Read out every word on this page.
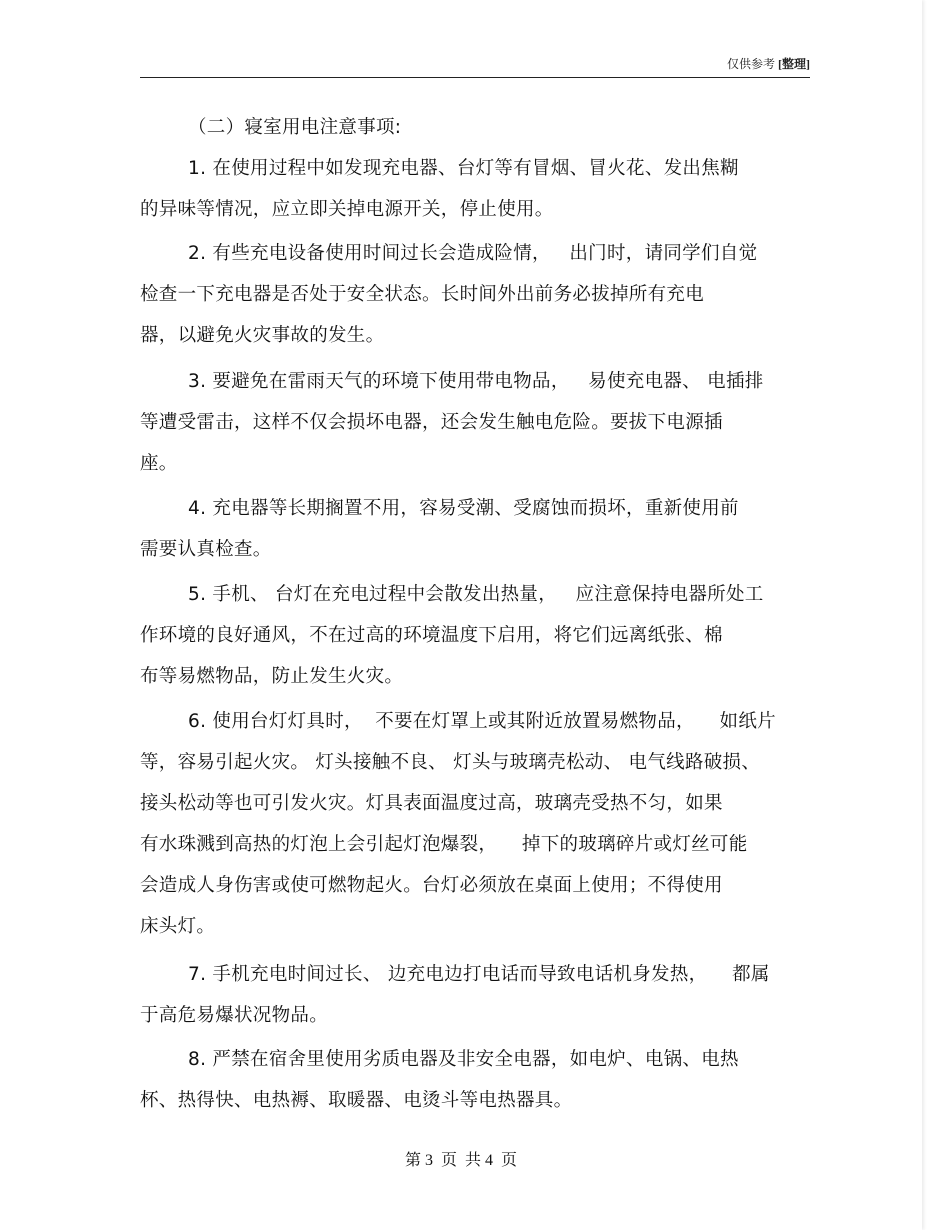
仅供参考 [整理]
（二）寝室用电注意事项:
1. 在使用过程中如发现充电器、台灯等有冒烟、冒火花、发出焦糊
的异味等情况，应立即关掉电源开关，停止使用。
2. 有些充电设备使用时间过长会造成险情，   出门时，请同学们自觉
检查一下充电器是否处于安全状态。长时间外出前务必拔掉所有充电
器，以避免火灾事故的发生。
3. 要避免在雷雨天气的环境下使用带电物品，   易使充电器、 电插排
等遭受雷击，这样不仅会损坏电器，还会发生触电危险。要拔下电源插
座。
4. 充电器等长期搁置不用，容易受潮、受腐蚀而损坏，重新使用前
需要认真检查。
5. 手机、 台灯在充电过程中会散发出热量，   应注意保持电器所处工
作环境的良好通风，不在过高的环境温度下启用，将它们远离纸张、棉
布等易燃物品，防止发生火灾。
6. 使用台灯灯具时，  不要在灯罩上或其附近放置易燃物品，    如纸片
等，容易引起火灾。 灯头接触不良、 灯头与玻璃壳松动、 电气线路破损、
接头松动等也可引发火灾。灯具表面温度过高，玻璃壳受热不匀，如果
有水珠溅到高热的灯泡上会引起灯泡爆裂，    掉下的玻璃碎片或灯丝可能
会造成人身伤害或使可燃物起火。台灯必须放在桌面上使用；不得使用
床头灯。
7. 手机充电时间过长、 边充电边打电话而导致电话机身发热，    都属
于高危易爆状况物品。
8. 严禁在宿舍里使用劣质电器及非安全电器，如电炉、电锅、电热
杯、热得快、电热褥、取暖器、电烫斗等电热器具。
第 3  页  共 4  页
